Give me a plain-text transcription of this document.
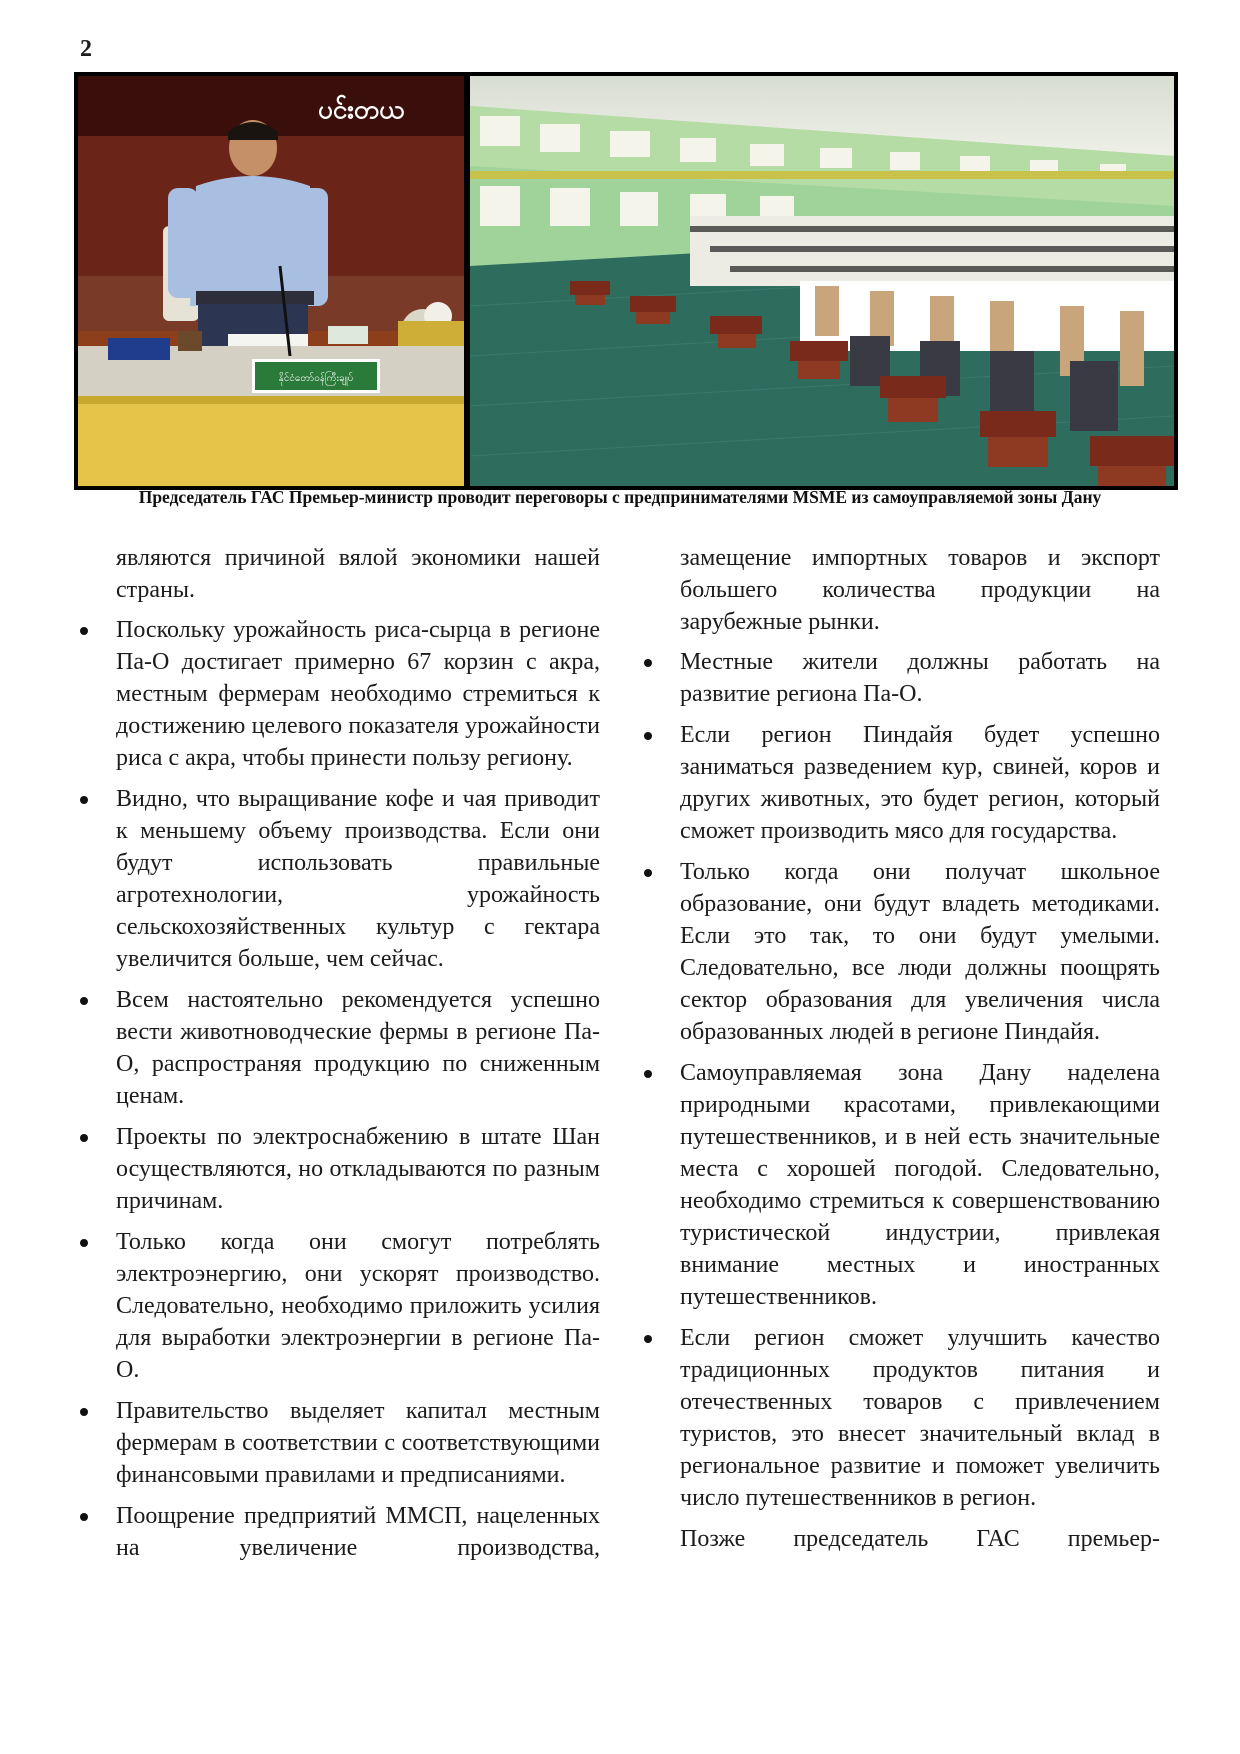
2
နိုင်ငံတော်ဝန်ကြီးချုပ်
ပင်းတယ
Председатель ГАС Премьер-министр проводит переговоры с предпринимателями MSME из самоуправляемой зоны Дану

являются причиной вялой экономики нашей страны.

Поскольку урожайность риса-сырца в регионе Па-О достигает примерно 67 корзин с акра, местным фермерам необходимо стремиться к достижению целевого показателя урожайности риса с акра, чтобы принести пользу региону.
Видно, что выращивание кофе и чая приводит к меньшему объему производства. Если они будут использовать правильные агротехнологии, урожайность сельскохозяйственных культур с гектара увеличится больше, чем сейчас.
Всем настоятельно рекомендуется успешно вести животноводческие фермы в регионе Па-О, распространяя продукцию по сниженным ценам.
Проекты по электроснабжению в штате Шан осуществляются, но откладываются по разным причинам.
Только когда они смогут потреблять электроэнергию, они ускорят производство. Следовательно, необходимо приложить усилия для выработки электроэнергии в регионе Па-О.
Правительство выделяет капитал местным фермерам в соответствии с соответствующими финансовыми правилами и предписаниями.
Поощрение предприятий ММСП, нацеленных на увеличение производства,

замещение импортных товаров и экспорт большего количества продукции на зарубежные рынки.

Местные жители должны работать на развитие региона Па-О.
Если регион Пиндайя будет успешно заниматься разведением кур, свиней, коров и других животных, это будет регион, который сможет производить мясо для государства.
Только когда они получат школьное образование, они будут владеть методиками. Если это так, то они будут умелыми. Следовательно, все люди должны поощрять сектор образования для увеличения числа образованных людей в регионе Пиндайя.
Самоуправляемая зона Дану наделена природными красотами, привлекающими путешественников, и в ней есть значительные места с хорошей погодой. Следовательно, необходимо стремиться к совершенствованию туристической индустрии, привлекая внимание местных и иностранных путешественников.
Если регион сможет улучшить качество традиционных продуктов питания и отечественных товаров с привлечением туристов, это внесет значительный вклад в региональное развитие и поможет увеличить число путешественников в регион.

Позже председатель ГАС премьер-
